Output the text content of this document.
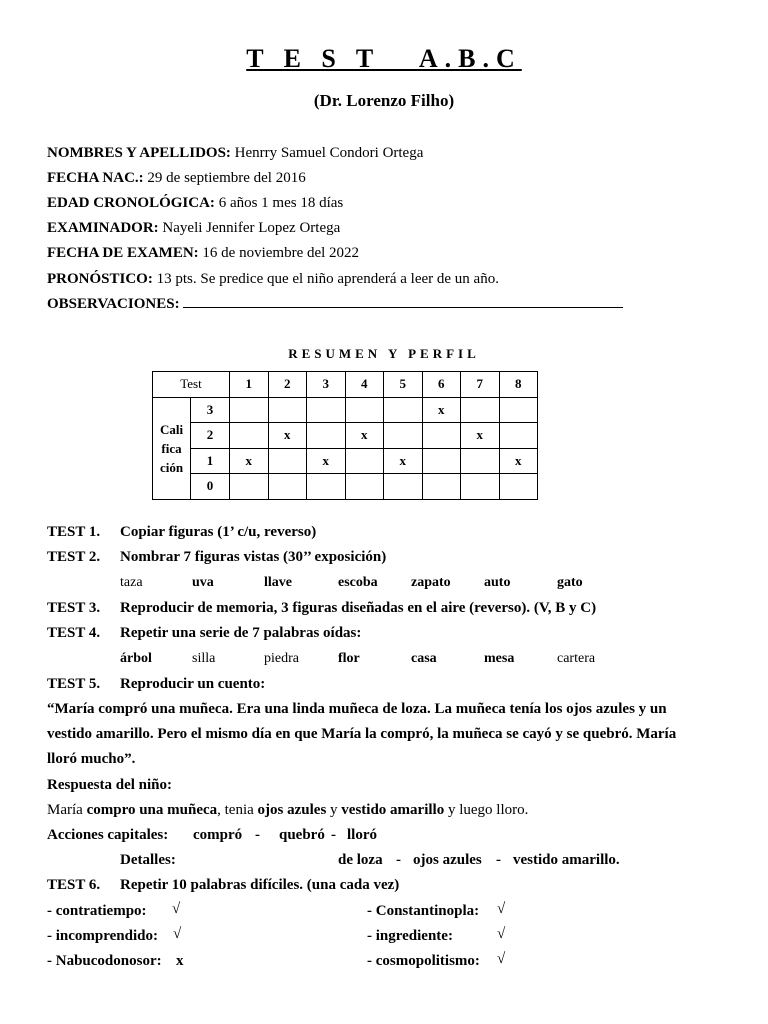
T E S T   A.B.C
(Dr. Lorenzo Filho)
NOMBRES Y APELLIDOS: Henrry Samuel Condori Ortega
FECHA NAC.: 29 de septiembre del 2016
EDAD CRONOLÓGICA: 6 años 1 mes 18 días
EXAMINADOR: Nayeli Jennifer Lopez Ortega
FECHA DE EXAMEN: 16 de noviembre del 2022
PRONÓSTICO: 13 pts. Se predice que el niño aprenderá a leer de un año.
OBSERVACIONES:
RESUMEN Y PERFIL
Test		1	2	3	4	5	6	7	8

Cali
fica
ción	3						x		
	2		x		x			x	
	1	x		x		x			x
	0								
TEST 1. Copiar figuras (1’ c/u, reverso)
TEST 2. Nombrar 7 figuras vistas (30’’ exposición)
taza	uva	llave	escoba zapato auto	gato
TEST 3. Reproducir de memoria, 3 figuras diseñadas en el aire (reverso). (V, B y C)
TEST 4. Repetir una serie de 7 palabras oídas:
árbol	silla	piedra	flor	casa	mesa	cartera
TEST 5. Reproducir un cuento:
“María compró una muñeca. Era una linda muñeca de loza. La muñeca tenía los ojos azules y un
vestido amarillo. Pero el mismo día en que María la compró, la muñeca se cayó y se quebró. María
lloró mucho”.
Respuesta del niño:
María compro una muñeca, tenia ojos azules y vestido amarillo y luego lloro.
Acciones capitales: compró - quebró - lloró
Detalles:	de loza - ojos azules - vestido amarillo.
TEST 6. Repetir 10 palabras difíciles. (una cada vez)
- contratiempo: √
- incomprendido: √
- Nabucodonosor: x
- Constantinopla: √
- ingrediente:	√
- cosmopolitismo: √
